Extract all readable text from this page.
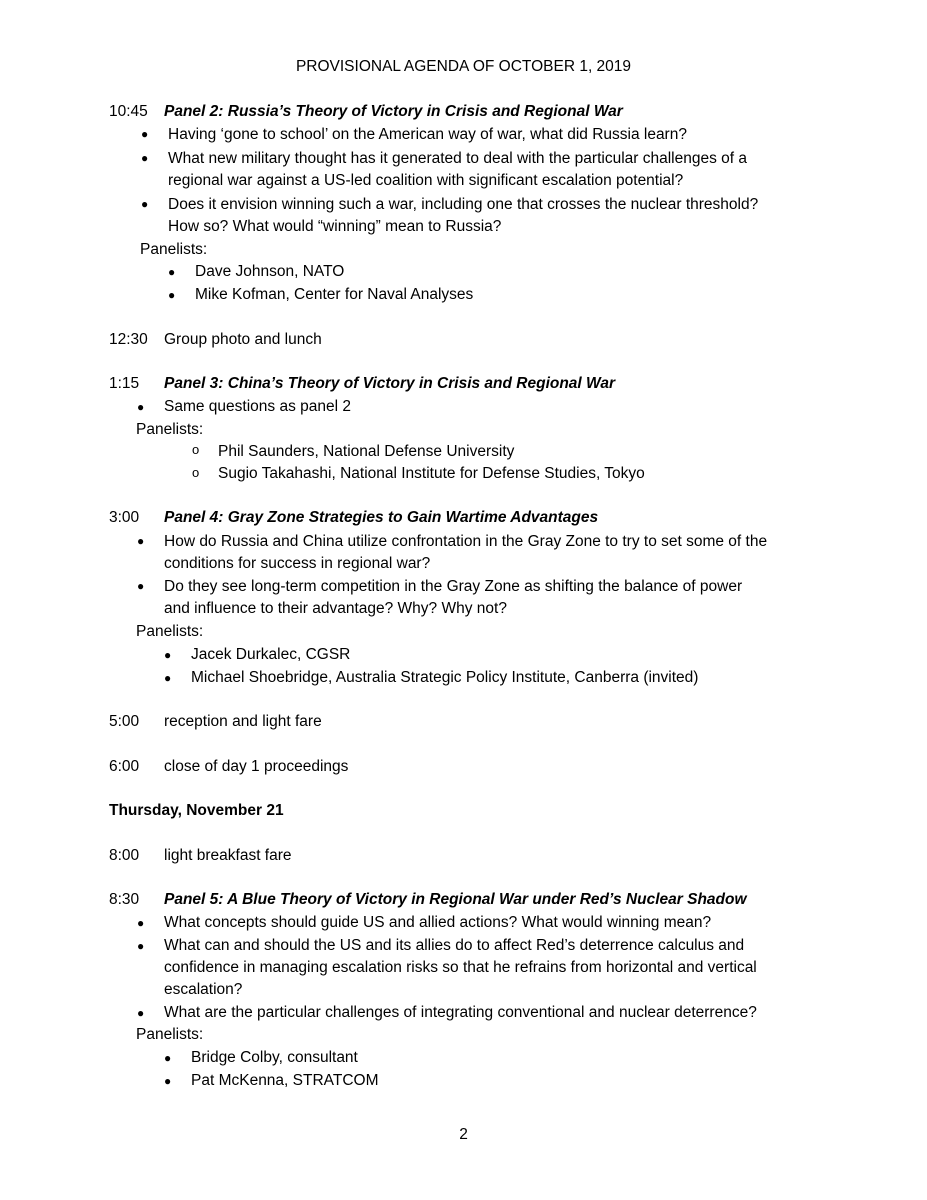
PROVISIONAL AGENDA OF OCTOBER 1, 2019
10:45 Panel 2: Russia’s Theory of Victory in Crisis and Regional War
●
Having ‘gone to school’ on the American way of war, what did Russia learn?
●
What new military thought has it generated to deal with the particular challenges of a
regional war against a US-led coalition with significant escalation potential?
●
Does it envision winning such a war, including one that crosses the nuclear threshold?
How so? What would “winning” mean to Russia?
Panelists:
●
Dave Johnson, NATO
●
Mike Kofman, Center for Naval Analyses
12:30 Group photo and lunch
1:15 Panel 3: China’s Theory of Victory in Crisis and Regional War
●
Same questions as panel 2
Panelists:
o
Phil Saunders, National Defense University
o
Sugio Takahashi, National Institute for Defense Studies, Tokyo
3:00 Panel 4: Gray Zone Strategies to Gain Wartime Advantages
●
How do Russia and China utilize confrontation in the Gray Zone to try to set some of the
conditions for success in regional war?
●
Do they see long-term competition in the Gray Zone as shifting the balance of power
and influence to their advantage? Why? Why not?
Panelists:
●
Jacek Durkalec, CGSR
●
Michael Shoebridge, Australia Strategic Policy Institute, Canberra (invited)
5:00 reception and light fare
6:00 close of day 1 proceedings
Thursday, November 21
8:00 light breakfast fare
8:30 Panel 5: A Blue Theory of Victory in Regional War under Red’s Nuclear Shadow
●
What concepts should guide US and allied actions? What would winning mean?
●
What can and should the US and its allies do to affect Red’s deterrence calculus and
confidence in managing escalation risks so that he refrains from horizontal and vertical
escalation?
●
What are the particular challenges of integrating conventional and nuclear deterrence?
Panelists:
●
Bridge Colby, consultant
●
Pat McKenna, STRATCOM
2
